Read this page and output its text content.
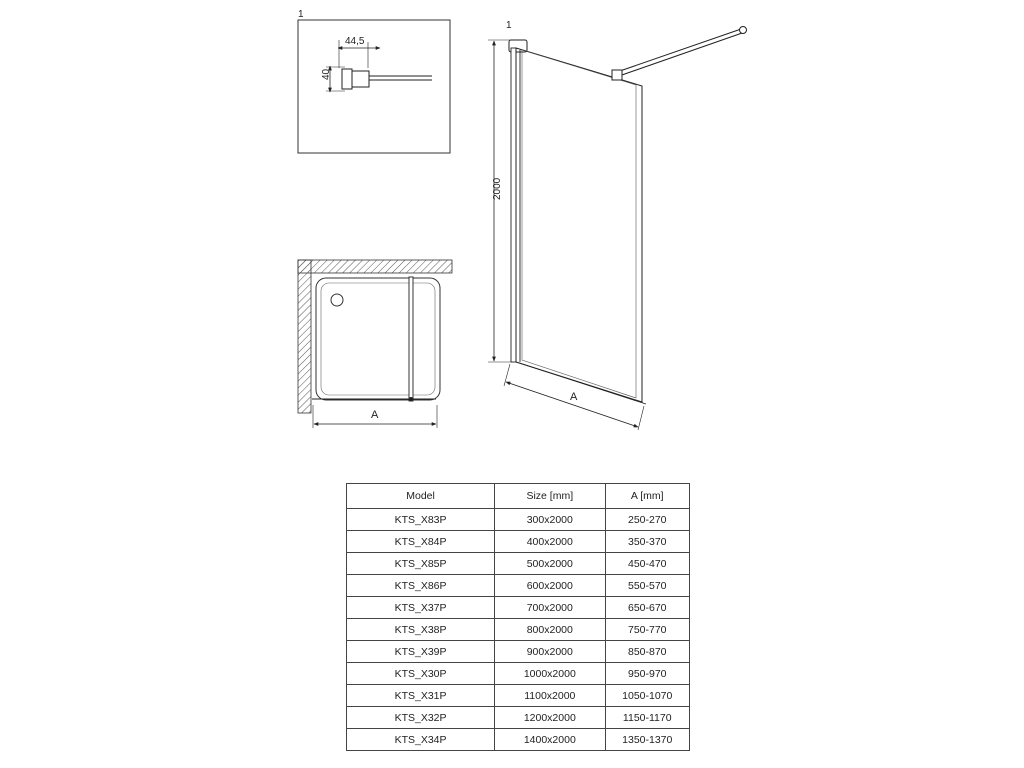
1
44,5
40
A
1
2000
A
Model	Size [mm]	A [mm]
KTS_X83P	300x2000	250-270
KTS_X84P	400x2000	350-370
KTS_X85P	500x2000	450-470
KTS_X86P	600x2000	550-570
KTS_X37P	700x2000	650-670
KTS_X38P	800x2000	750-770
KTS_X39P	900x2000	850-870
KTS_X30P	1000x2000	950-970
KTS_X31P	1100x2000	1050-1070
KTS_X32P	1200x2000	1150-1170
KTS_X34P	1400x2000	1350-1370
